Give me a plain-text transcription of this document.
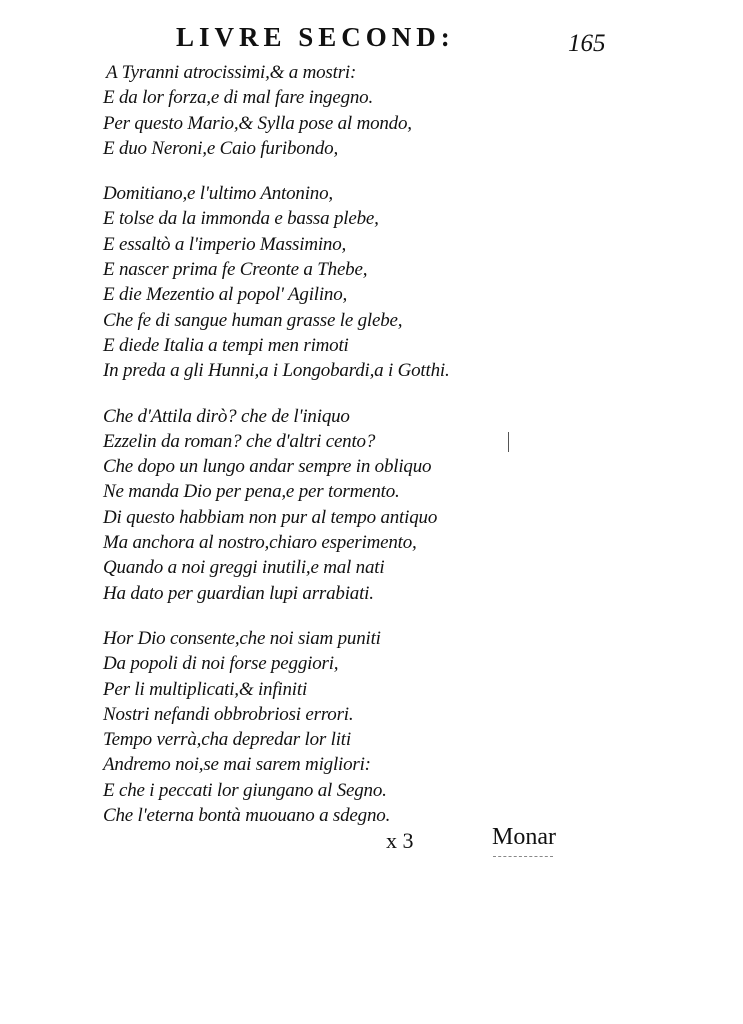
LIVRE SECOND:	165
A Tyranni atrocissimi,& a mostri:
E da lor forza,e di mal fare ingegno.
Per questo Mario,& Sylla pose al mondo,
E duo Neroni,e Caio furibondo,
Domitiano,e l'ultimo Antonino,
E tolse da la immonda e bassa plebe,
E essaltò a l'imperio Massimino,
E nascer prima fe Creonte a Thebe,
E die Mezentio al popol' Agilino,
Che fe di sangue human grasse le glebe,
E diede Italia a tempi men rimoti
In preda a gli Hunni,a i Longobardi,a i Gotthi.
Che d'Attila dirò? che de l'iniquo
Ezzelin da roman? che d'altri cento?
Che dopo un lungo andar sempre in obliquo
Ne manda Dio per pena,e per tormento.
Di questo habbiam non pur al tempo antiquo
Ma anchora al nostro,chiaro esperimento,
Quando a noi greggi inutili,e mal nati
Ha dato per guardian lupi arrabiati.
Hor Dio consente,che noi siam puniti
Da popoli di noi forse peggiori,
Per li multiplicati,& infiniti
Nostri nefandi obbrobriosi errori.
Tempo verrà,cha depredar lor liti
Andremo noi,se mai sarem migliori:
E che i peccati lor giungano al Segno.
Che l'eterna bontà muouano a sdegno.
x 3	Monar
